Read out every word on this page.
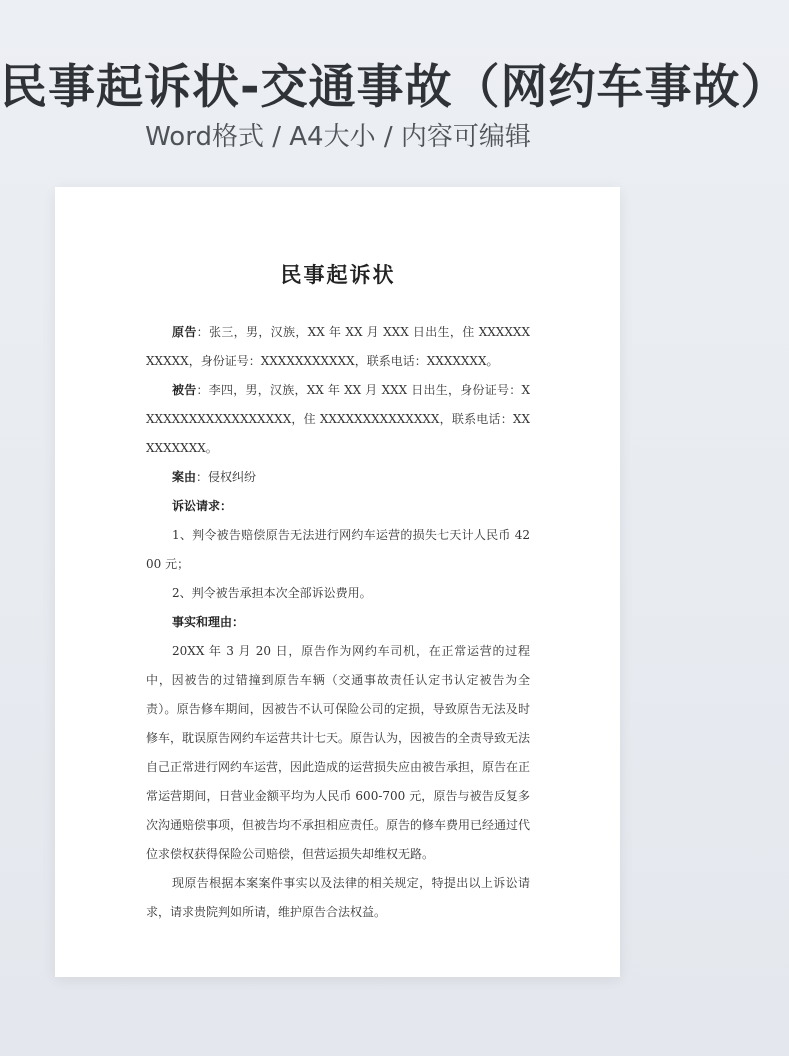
民事起诉状-交通事故（网约车事故）
Word格式 / A4大小 / 内容可编辑
民事起诉状

原告：张三，男，汉族，XX 年 XX 月 XXX 日出生，住 XXXXXXXXXXX，身份证号：XXXXXXXXXXX，联系电话：XXXXXXX。

被告：李四，男，汉族，XX 年 XX 月 XXX 日出生，身份证号：XXXXXXXXXXXXXXXXXX，住 XXXXXXXXXXXXXX，联系电话：XXXXXXXXX。

案由：侵权纠纷

诉讼请求：

1、判令被告赔偿原告无法进行网约车运营的损失七天计人民币 4200 元；

2、判令被告承担本次全部诉讼费用。

事实和理由：

20XX 年 3 月 20 日，原告作为网约车司机，在正常运营的过程中，因被告的过错撞到原告车辆（交通事故责任认定书认定被告为全责）。原告修车期间，因被告不认可保险公司的定损，导致原告无法及时修车，耽误原告网约车运营共计七天。原告认为，因被告的全责导致无法自己正常进行网约车运营，因此造成的运营损失应由被告承担，原告在正常运营期间，日营业金额平均为人民币 600-700 元，原告与被告反复多次沟通赔偿事项，但被告均不承担相应责任。原告的修车费用已经通过代位求偿权获得保险公司赔偿，但营运损失却维权无路。

现原告根据本案案件事实以及法律的相关规定，特提出以上诉讼请求，请求贵院判如所请，维护原告合法权益。
